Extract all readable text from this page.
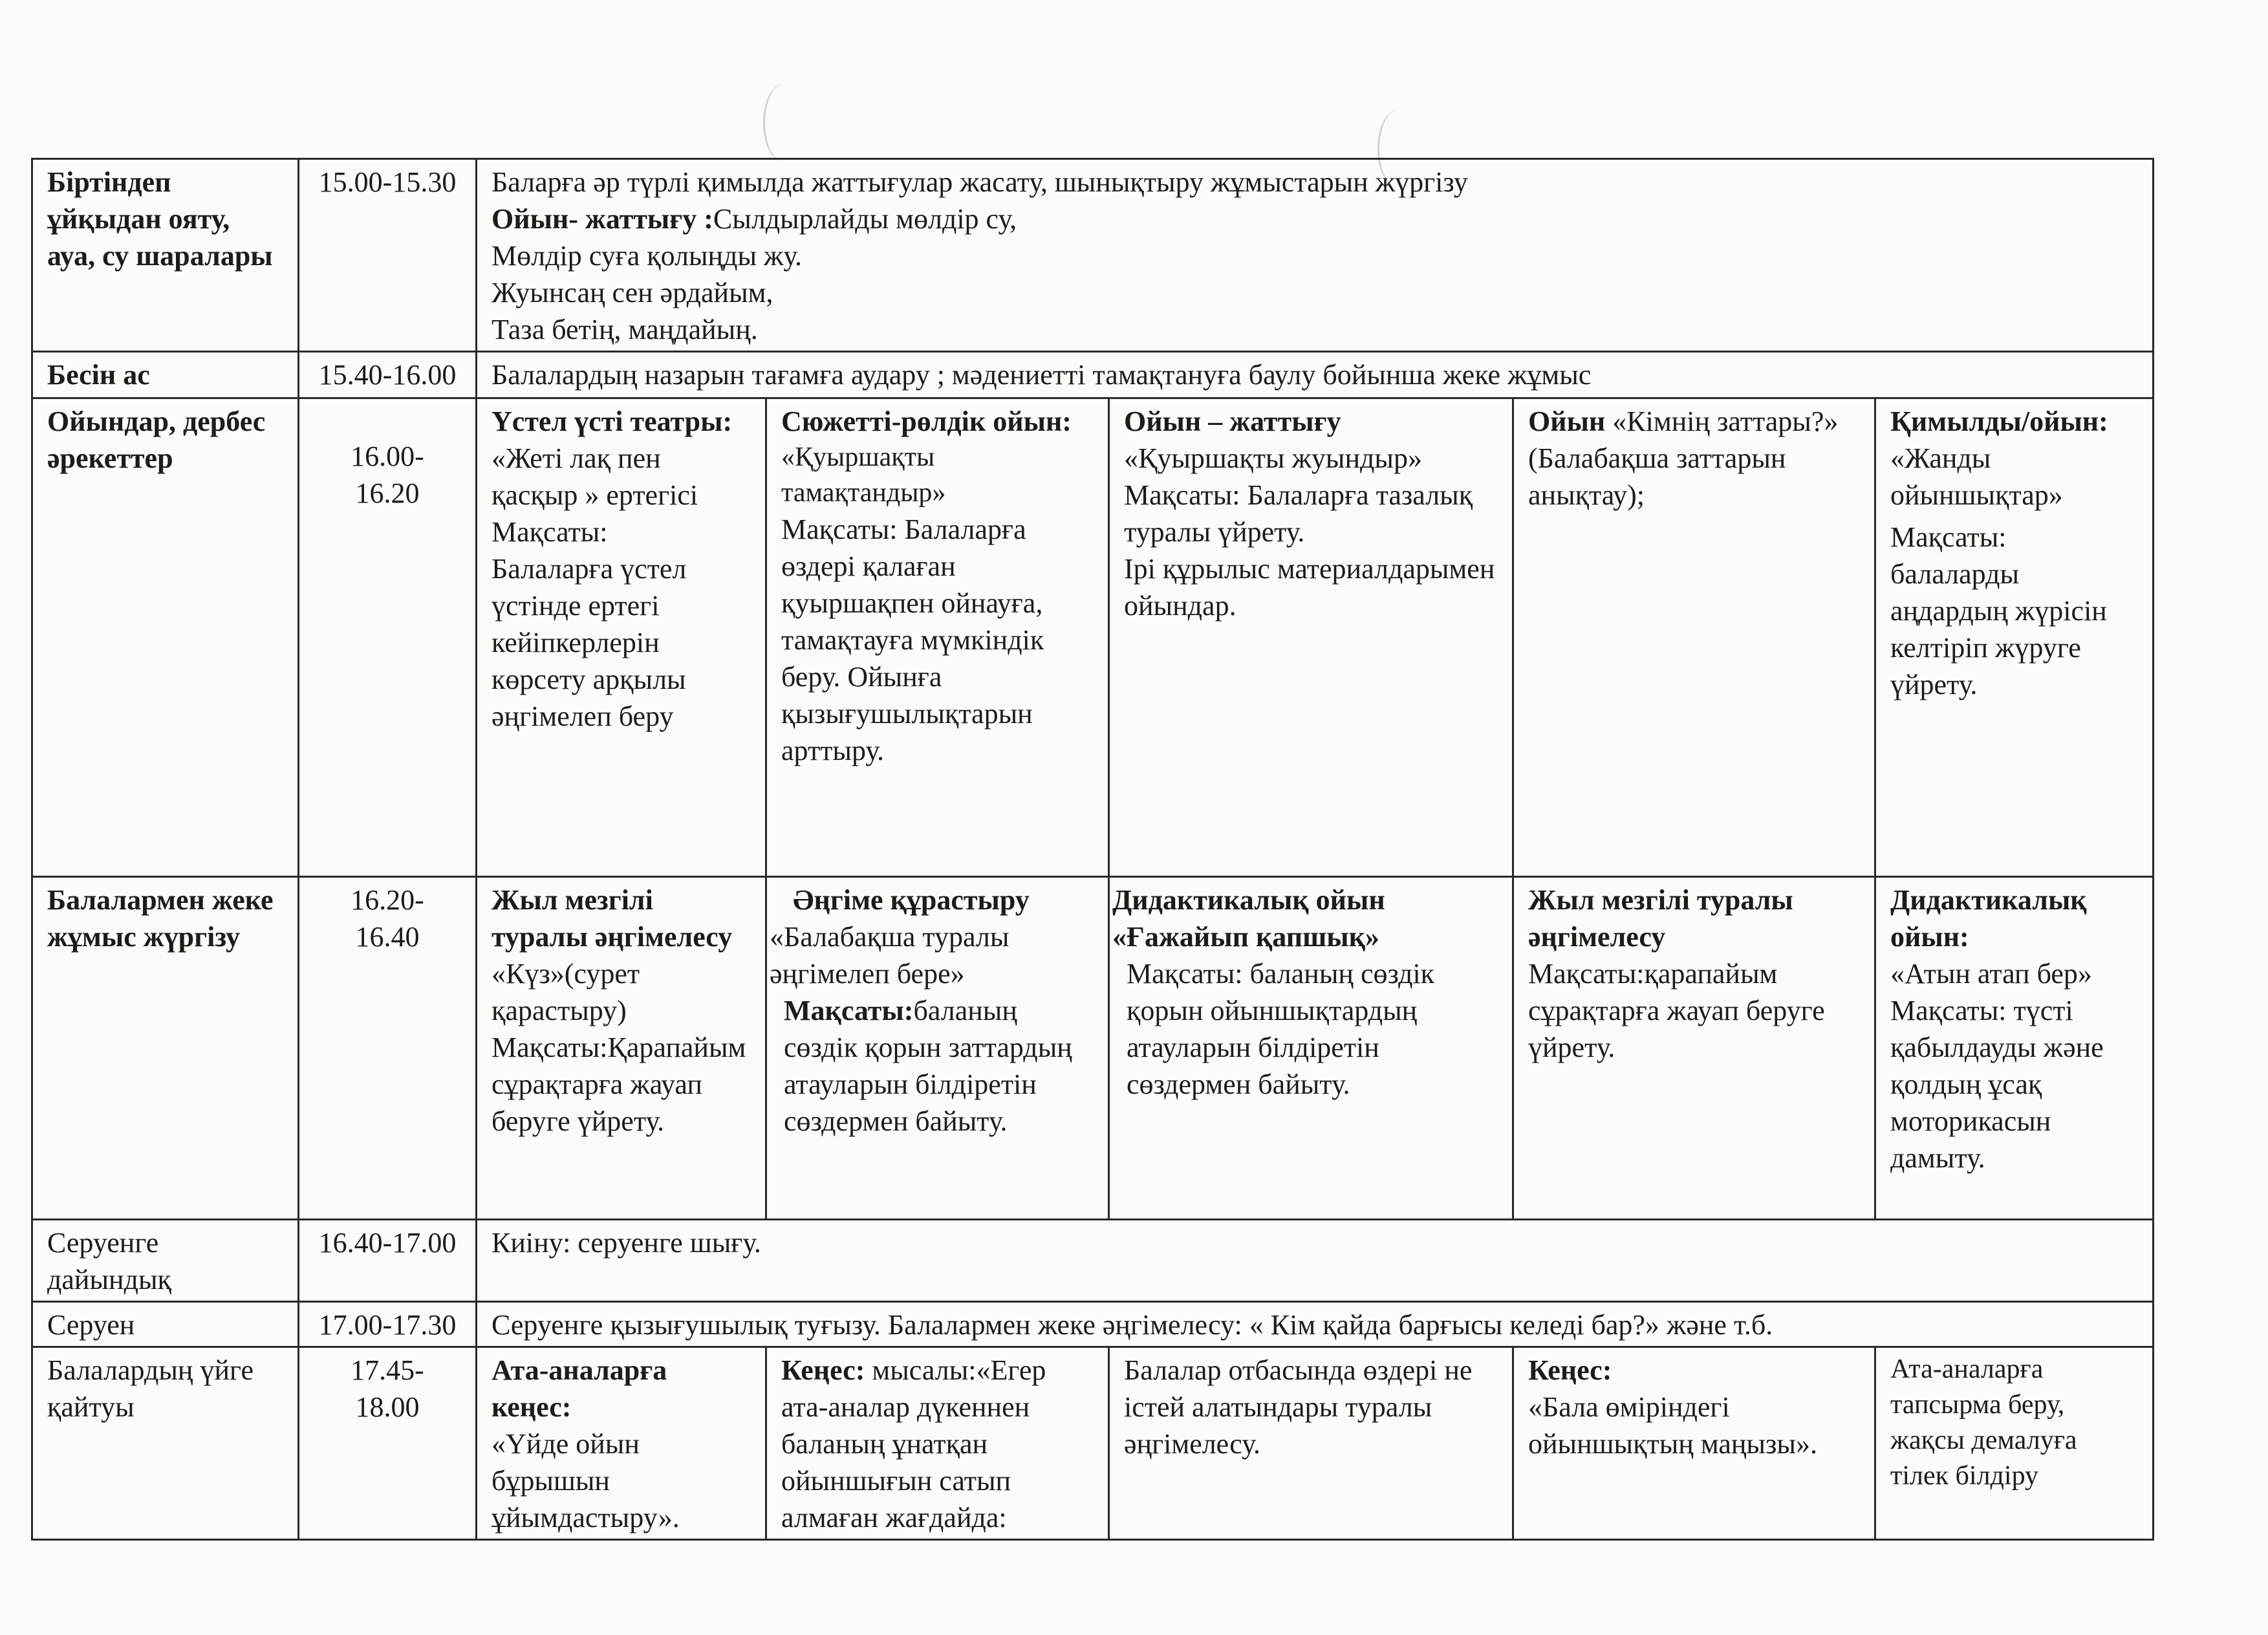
Біртіндеп ұйқыдан ояту, ауа, су шаралары	15.00-15.30	Баларға әр түрлі қимылда жаттығулар жасату, шынықтыру жұмыстарын жүргізу
Ойын- жаттығу :Сылдырлайды мөлдір су,
Мөлдір суға қолыңды жу.
Жуынсаң сен әрдайым,
Таза бетің, маңдайың.				

Бесін ас	15.40-16.00	Балалардың назарын тағамға аудару ; мәдениетті тамақтануға баулу бойынша жеке жұмыс				
Ойындар, дербес әрекеттер	16.00-
16.20	Үстел үсті театры:
«Жеті лақ пен қасқыр » ертегісі
Мақсаты:
Балаларға үстел үстінде ертегі кейіпкерлерін көрсету арқылы әңгімелеп беру	Сюжетті-рөлдік ойын:
«Қуыршақты тамақтандыр»
Мақсаты: Балаларға өздері қалаған қуыршақпен ойнауға, тамақтауға мүмкіндік беру. Ойынға қызығушылықтарын арттыру.	Ойын – жаттығу
«Қуыршақты жуындыр»
Мақсаты: Балаларға тазалық туралы үйрету.
Ірі құрылыс материалдарымен ойындар.	Ойын «Кімнің заттары?» (Балабақша заттарын анықтау);	Қимылды/ойын:
«Жанды ойыншықтар»
Мақсаты: балаларды аңдардың жүрісін келтіріп жүруге үйрету.

Балалармен жеке жұмыс жүргізу	16.20-
16.40	Жыл мезгілі туралы әңгімелесу
«Күз»(сурет қарастыру)
Мақсаты:Қарапайым сұрақтарға жауап беруге үйрету.	Әңгіме құрастыру
«Балабақша туралы әңгімелеп бере»
Мақсаты:баланың сөздік қорын заттардың атауларын білдіретін сөздермен байыту.	Дидактикалық ойын «Ғажайып қапшық»
Мақсаты: баланың сөздік қорын ойыншықтардың атауларын білдіретін сөздермен байыту.	Жыл мезгілі туралы әңгімелесу
Мақсаты:қарапайым сұрақтарға жауап беруге үйрету.	Дидактикалық ойын:
«Атын атап бер»
Мақсаты: түсті қабылдауды және қолдың ұсақ моторикасын дамыту.

Серуенге дайындық	16.40-17.00	Киіну: серуенге шығу.				
Серуен	17.00-17.30	Серуенге қызығушылық туғызу. Балалармен жеке әңгімелесу: « Кім қайда барғысы келеді бар?» және т.б.				
Балалардың үйге қайтуы	17.45-
18.00	Ата-аналарға кеңес:
«Үйде ойын бұрышын ұйымдастыру».	Кеңес: мысалы:«Егер ата-аналар дүкеннен баланың ұнатқан ойыншығын сатып алмаған жағдайда:	Балалар отбасында өздері не істей алатындары туралы әңгімелесу.	Кеңес:
«Бала өміріндегі ойыншықтың маңызы».	Ата-аналарға тапсырма беру, жақсы демалуға тілек білдіру
